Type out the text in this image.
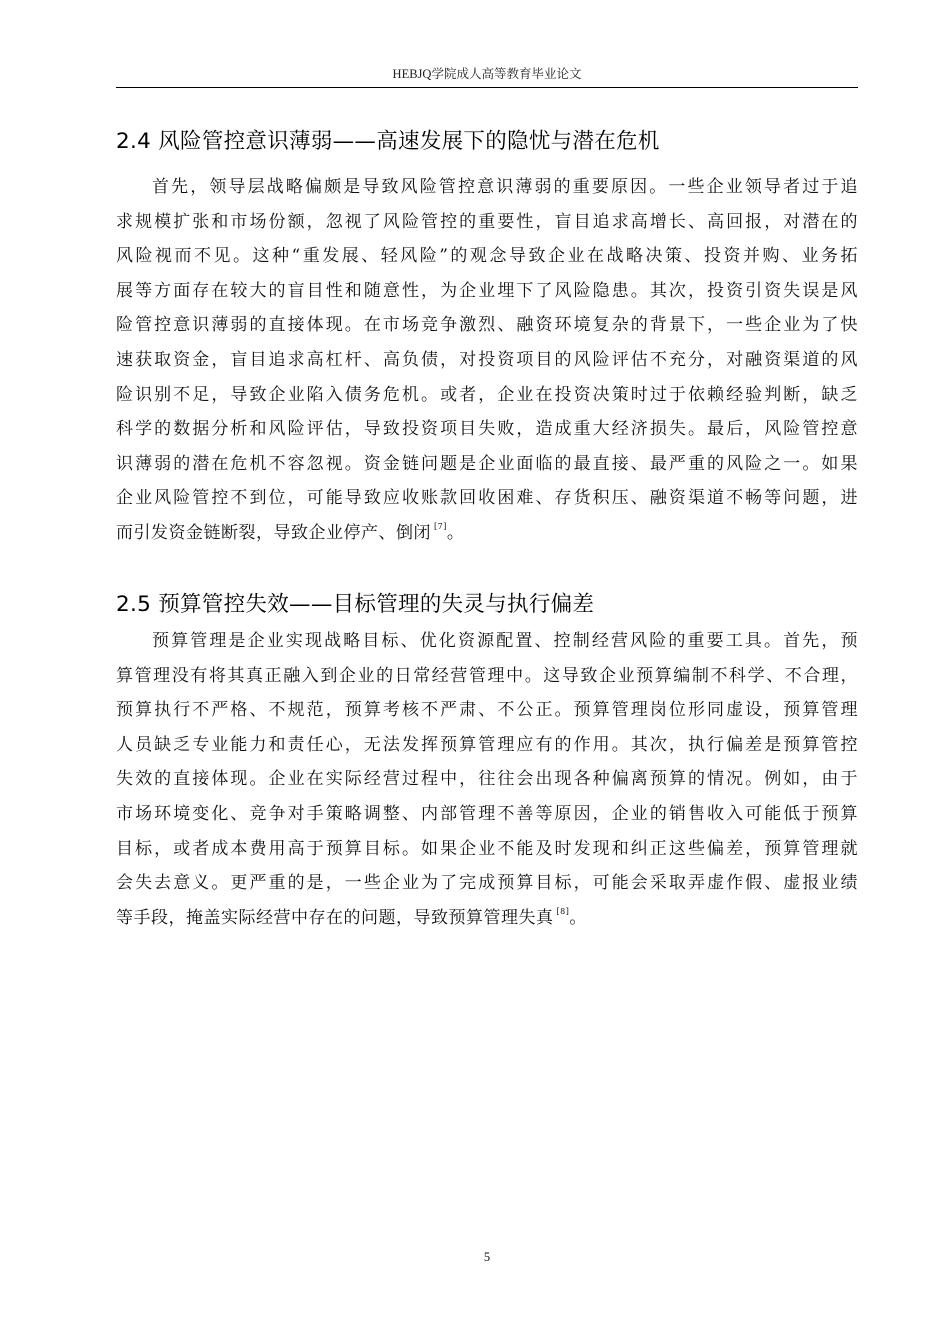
HEBJQ学院成人高等教育毕业论文
2.4 风险管控意识薄弱——高速发展下的隐忧与潜在危机

首先，领导层战略偏颇是导致风险管控意识薄弱的重要原因。一些企业领导者过于追
求规模扩张和市场份额，忽视了风险管控的重要性，盲目追求高增长、高回报，对潜在的
风险视而不见。这种“重发展、轻风险”的观念导致企业在战略决策、投资并购、业务拓
展等方面存在较大的盲目性和随意性，为企业埋下了风险隐患。其次，投资引资失误是风
险管控意识薄弱的直接体现。在市场竞争激烈、融资环境复杂的背景下，一些企业为了快
速获取资金，盲目追求高杠杆、高负债，对投资项目的风险评估不充分，对融资渠道的风
险识别不足，导致企业陷入债务危机。或者，企业在投资决策时过于依赖经验判断，缺乏
科学的数据分析和风险评估，导致投资项目失败，造成重大经济损失。最后，风险管控意
识薄弱的潜在危机不容忽视。资金链问题是企业面临的最直接、最严重的风险之一。如果
企业风险管控不到位，可能导致应收账款回收困难、存货积压、融资渠道不畅等问题，进
而引发资金链断裂，导致企业停产、倒闭 [7]。

2.5 预算管控失效——目标管理的失灵与执行偏差

预算管理是企业实现战略目标、优化资源配置、控制经营风险的重要工具。首先，预
算管理没有将其真正融入到企业的日常经营管理中。这导致企业预算编制不科学、不合理，
预算执行不严格、不规范，预算考核不严肃、不公正。预算管理岗位形同虚设，预算管理
人员缺乏专业能力和责任心，无法发挥预算管理应有的作用。其次，执行偏差是预算管控
失效的直接体现。企业在实际经营过程中，往往会出现各种偏离预算的情况。例如，由于
市场环境变化、竞争对手策略调整、内部管理不善等原因，企业的销售收入可能低于预算
目标，或者成本费用高于预算目标。如果企业不能及时发现和纠正这些偏差，预算管理就
会失去意义。更严重的是，一些企业为了完成预算目标，可能会采取弄虚作假、虚报业绩
等手段，掩盖实际经营中存在的问题，导致预算管理失真 [8]。

5
